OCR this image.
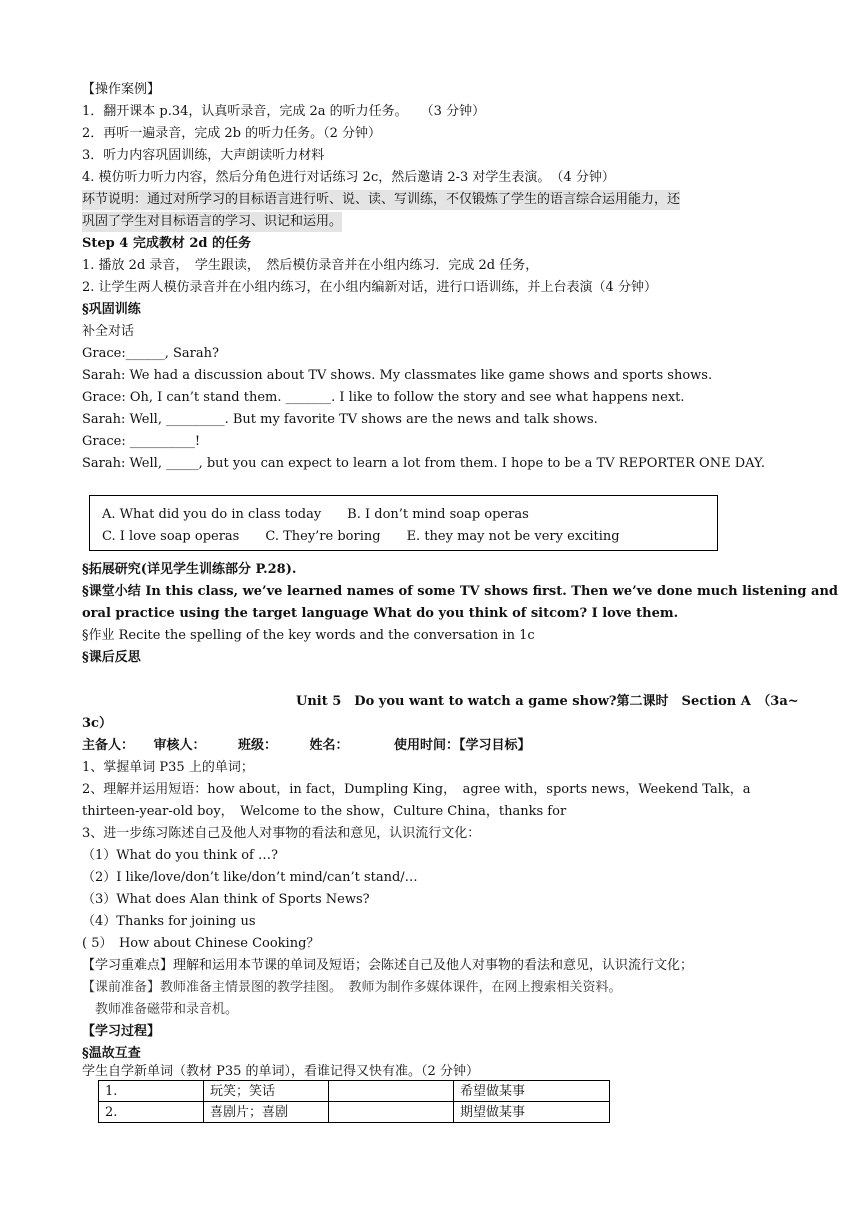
【操作案例】
1．翻开课本 p.34，认真听录音，完成 2a 的听力任务。　　（3 分钟）
2．再听一遍录音，完成 2b 的听力任务。（2 分钟）
3．听力内容巩固训练，大声朗读听力材料
4. 模仿听力听力内容，然后分角色进行对话练习 2c，然后邀请 2-3 对学生表演。　（4 分钟）
环节说明：通过对所学习的目标语言进行听、说、读、写训练，不仅锻炼了学生的语言综合运用能力，还
巩固了学生对目标语言的学习、识记和运用。
Step 4 完成教材 2d 的任务
1. 播放 2d 录音，　学生跟读，　然后模仿录音并在小组内练习．完成 2d 任务，
2. 让学生两人模仿录音并在小组内练习，在小组内编新对话，进行口语训练，并上台表演（4 分钟）
§巩固训练
补全对话
Grace:______, Sarah?
Sarah: We had a discussion about TV shows. My classmates like game shows and sports shows.
Grace: Oh, I can’t stand them. _______. I like to follow the story and see what happens next.
Sarah: Well, _________. But my favorite TV shows are the news and talk shows.
Grace: __________!
Sarah: Well, _____, but you can expect to learn a lot from them. I hope to be a TV REPORTER ONE DAY.
A. What did you do in class today　　B. I don’t mind soap operas
C. I love soap operas　　C. They’re boring　　E. they may not be very exciting
§拓展研究(详见学生训练部分 P.28).
§课堂小结 In this class, we’ve learned names of some TV shows first. Then we’ve done much listening and
oral practice using the target language What do you think of sitcom? I love them.
§作业 Recite the spelling of the key words and the conversation in 1c
§课后反思
Unit 5　Do you want to watch a game show?第二课时　Section A　（3a~
3c）
主备人：　　审核人：　　　班级：　　　姓名：　　　　使用时间：【学习目标】
1、掌握单词 P35 上的单词；
2、理解并运用短语：how about，in fact，Dumpling King，　agree with，sports news，Weekend Talk，a
thirteen-year-old boy，　Welcome to the show，Culture China，thanks for
3、进一步练习陈述自己及他人对事物的看法和意见，认识流行文化：
（1）What do you think of …?
（2）I like/love/don’t like/don’t mind/can’t stand/…
（3）What does Alan think of Sports News?
（4）Thanks for joining us
( 5）　How about Chinese Cooking？
【学习重难点】理解和运用本节课的单词及短语；会陈述自己及他人对事物的看法和意见，认识流行文化；
【课前准备】教师准备主情景图的教学挂图。　教师为制作多媒体课件，在网上搜索相关资料。
　教师准备磁带和录音机。
【学习过程】
§温故互查
学生自学新单词（教材 P35 的单词），看谁记得又快有准。（2 分钟）
1.	玩笑；笑话		希望做某事
2.	喜剧片；喜剧		期望做某事
